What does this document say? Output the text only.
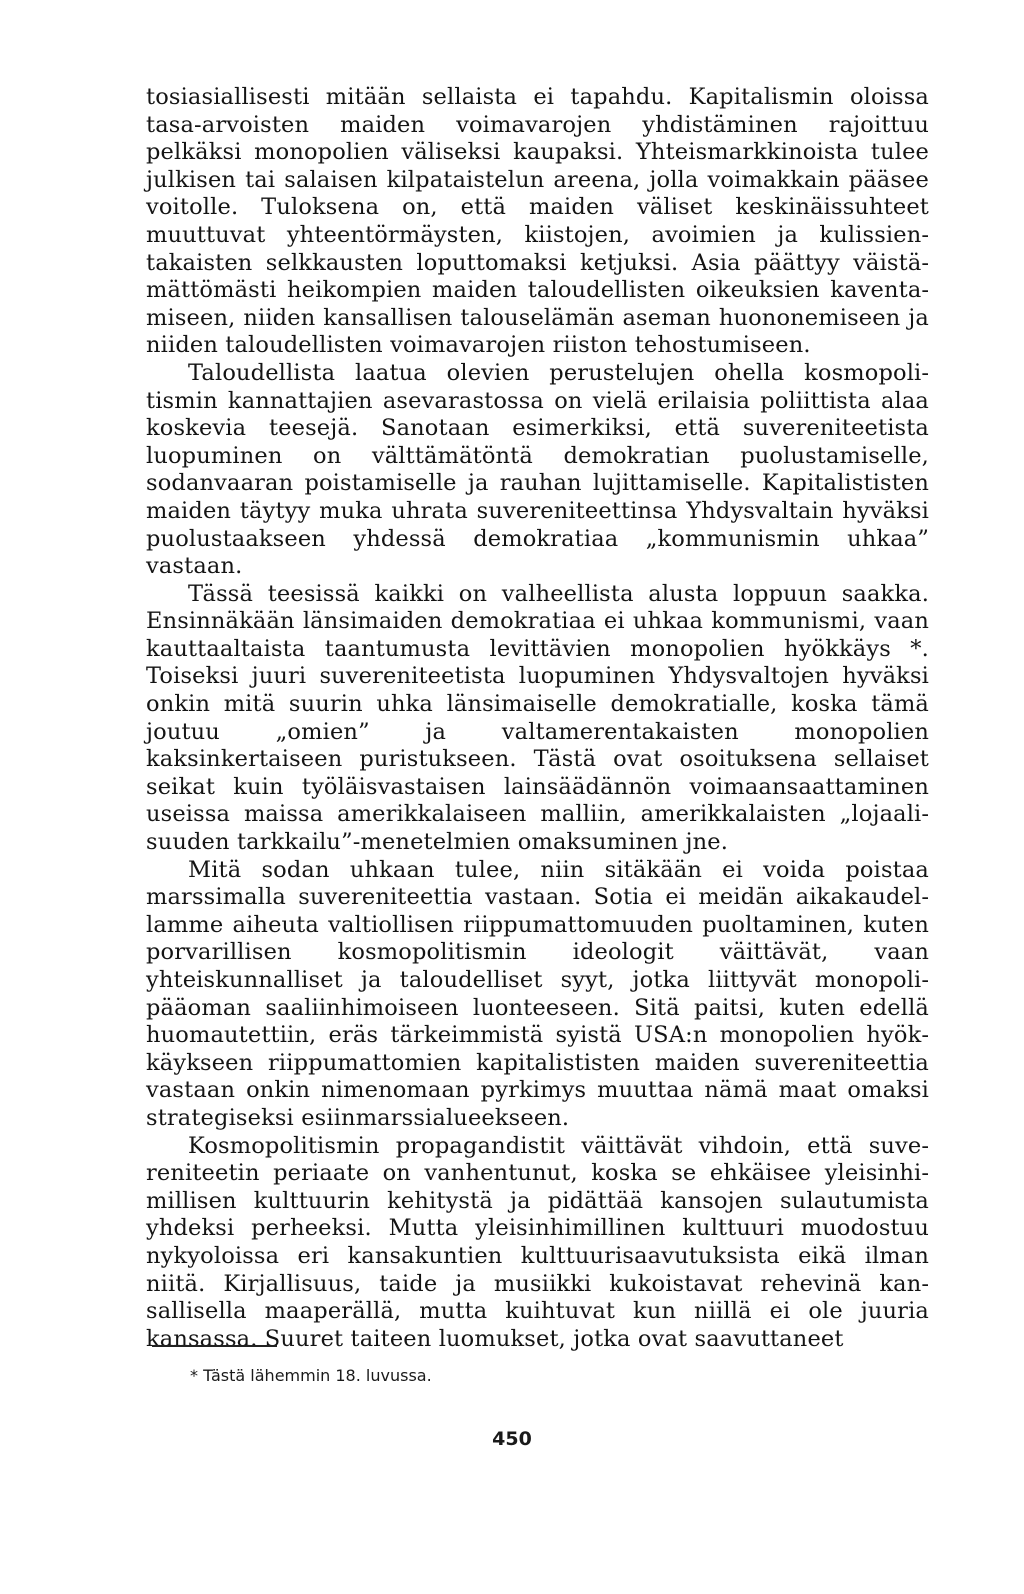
tosiasiallisesti mitään sellaista ei tapahdu. Kapitalismin oloissa tasa-arvoisten maiden voimavarojen yhdistäminen rajoittuu pelkäksi monopolien väliseksi kaupaksi. Yhteismarkkinoista tulee julkisen tai salaisen kilpataistelun areena, jolla voimakkain pääsee voitolle. Tuloksena on, että maiden väliset keskinäissuhteet muuttuvat yhteentörmäysten, kiistojen, avoimien ja kulissientakaisten selkkausten loputtomaksi ketjuksi. Asia päättyy väistämättömästi heikompien maiden taloudellisten oikeuksien kaventamiseen, niiden kansallisen talouselämän aseman huononemiseen ja niiden taloudellisten voimavarojen riiston tehostumiseen.

Taloudellista laatua olevien perustelujen ohella kosmopolitismin kannattajien asevarastossa on vielä erilaisia poliittista alaa koskevia teesejä. Sanotaan esimerkiksi, että suvereniteetista luopuminen on välttämätöntä demokratian puolustamiselle, sodanvaaran poistamiselle ja rauhan lujittamiselle. Kapitalististen maiden täytyy muka uhrata suvereniteettinsa Yhdysvaltain hyväksi puolustaakseen yhdessä demokratiaa „kommunismin uhkaa” vastaan.

Tässä teesissä kaikki on valheellista alusta loppuun saakka. Ensinnäkään länsimaiden demokratiaa ei uhkaa kommunismi, vaan kauttaaltaista taantumusta levittävien monopolien hyökkäys *. Toiseksi juuri suvereniteetista luopuminen Yhdysvaltojen hyväksi onkin mitä suurin uhka länsimaiselle demokratialle, koska tämä joutuu „omien” ja valtamerentakaisten monopolien kaksinkertaiseen puristukseen. Tästä ovat osoituksena sellaiset seikat kuin työläisvastaisen lainsäädännön voimaansaattaminen useissa maissa amerikkalaiseen malliin, amerikkalaisten „lojaalisuuden tarkkailu”-menetelmien omaksuminen jne.

Mitä sodan uhkaan tulee, niin sitäkään ei voida poistaa marssimalla suvereniteettia vastaan. Sotia ei meidän aikakaudellamme aiheuta valtiollisen riippumattomuuden puoltaminen, kuten porvarillisen kosmopolitismin ideologit väittävät, vaan yhteiskunnalliset ja taloudelliset syyt, jotka liittyvät monopolipääoman saaliinhimoiseen luonteeseen. Sitä paitsi, kuten edellä huomautettiin, eräs tärkeimmistä syistä USA:n monopolien hyökkäykseen riippumattomien kapitalististen maiden suvereniteettia vastaan onkin nimenomaan pyrkimys muuttaa nämä maat omaksi strategiseksi esiinmarssialueekseen.

Kosmopolitismin propagandistit väittävät vihdoin, että suvereniteetin periaate on vanhentunut, koska se ehkäisee yleisinhimillisen kulttuurin kehitystä ja pidättää kansojen sulautumista yhdeksi perheeksi. Mutta yleisinhimillinen kulttuuri muodostuu nykyoloissa eri kansakuntien kulttuurisaavutuksista eikä ilman niitä. Kirjallisuus, taide ja musiikki kukoistavat rehevinä kansallisella maaperällä, mutta kuihtuvat kun niillä ei ole juuria kansassa. Suuret taiteen luomukset, jotka ovat saavuttaneet

* Tästä lähemmin 18. luvussa.
450
